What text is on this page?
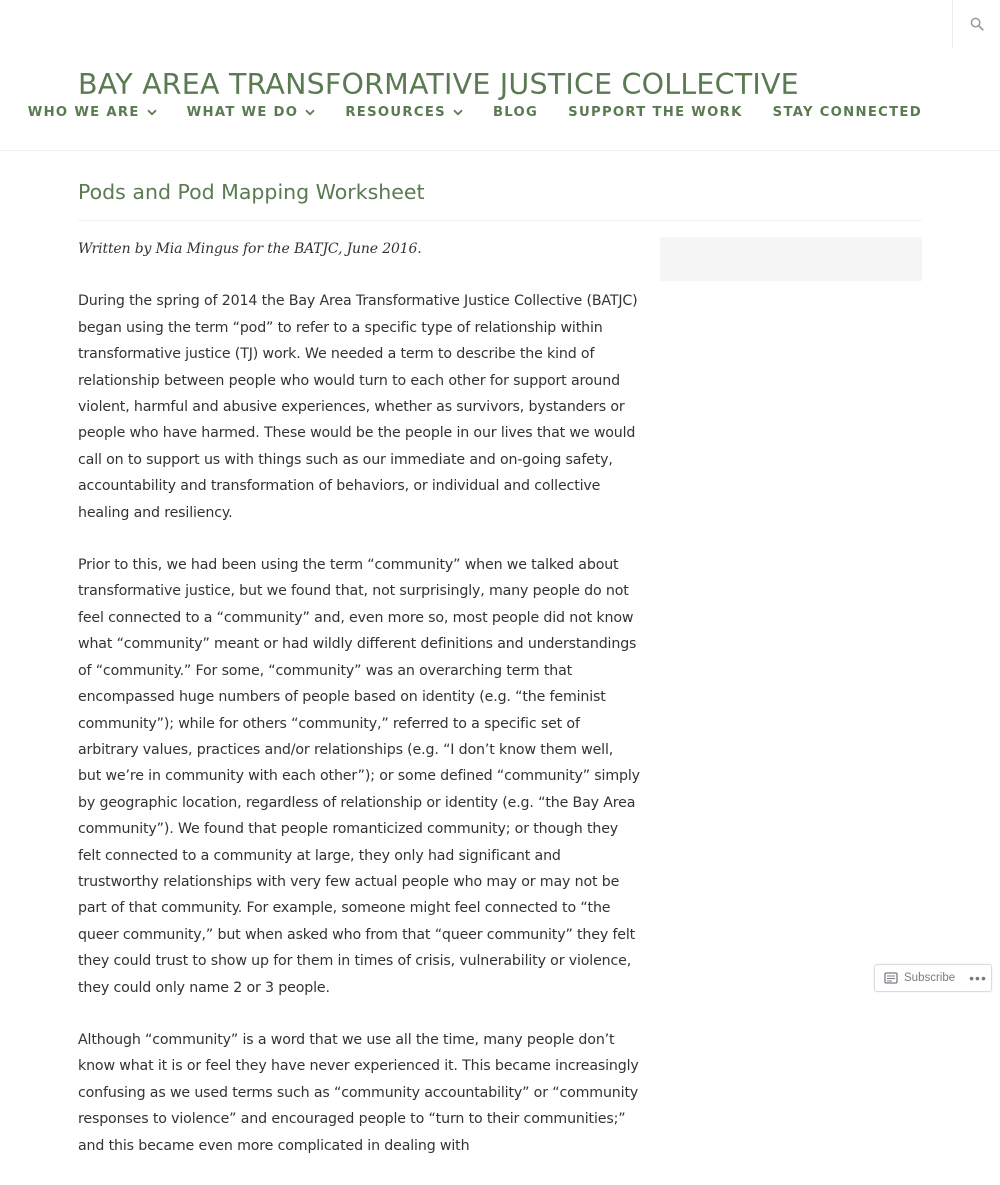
BAY AREA TRANSFORMATIVE JUSTICE COLLECTIVE
WHO WE ARE	WHAT WE DO	RESOURCES	BLOG SUPPORT THE WORK STAY CONNECTED
Pods and Pod Mapping Worksheet

Written by Mia Mingus for the BATJC, June 2016.

During the spring of 2014 the Bay Area Transformative Justice Collective (BATJC) began using the term “pod” to refer to a specific type of relationship within transformative justice (TJ) work. We needed a term to describe the kind of relationship between people who would turn to each other for support around violent, harmful and abusive experiences, whether as survivors, bystanders or people who have harmed. These would be the people in our lives that we would call on to support us with things such as our immediate and on-going safety, accountability and transformation of behaviors, or individual and collective healing and resiliency.

Prior to this, we had been using the term “community” when we talked about transformative justice, but we found that, not surprisingly, many people do not feel connected to a “community” and, even more so, most people did not know what “community” meant or had wildly different definitions and understandings of “community.” For some, “community” was an overarching term that encompassed huge numbers of people based on identity (e.g. “the feminist community”); while for others “community,” referred to a specific set of arbitrary values, practices and/or relationships (e.g. “I don’t know them well, but we’re in community with each other”); or some defined “community” simply by geographic location, regardless of relationship or identity (e.g. “the Bay Area community”). We found that people romanticized community; or though they felt connected to a community at large, they only had significant and trustworthy relationships with very few actual people who may or may not be part of that community. For example, someone might feel connected to “the queer community,” but when asked who from that “queer community” they felt they could trust to show up for them in times of crisis, vulnerability or violence, they could only name 2 or 3 people.

Although “community” is a word that we use all the time, many people don’t know what it is or feel they have never experienced it. This became increasingly confusing as we used terms such as “community accountability” or “community responses to violence” and encouraged people to “turn to their communities;” and this became even more complicated in dealing with

Subscribe •••
